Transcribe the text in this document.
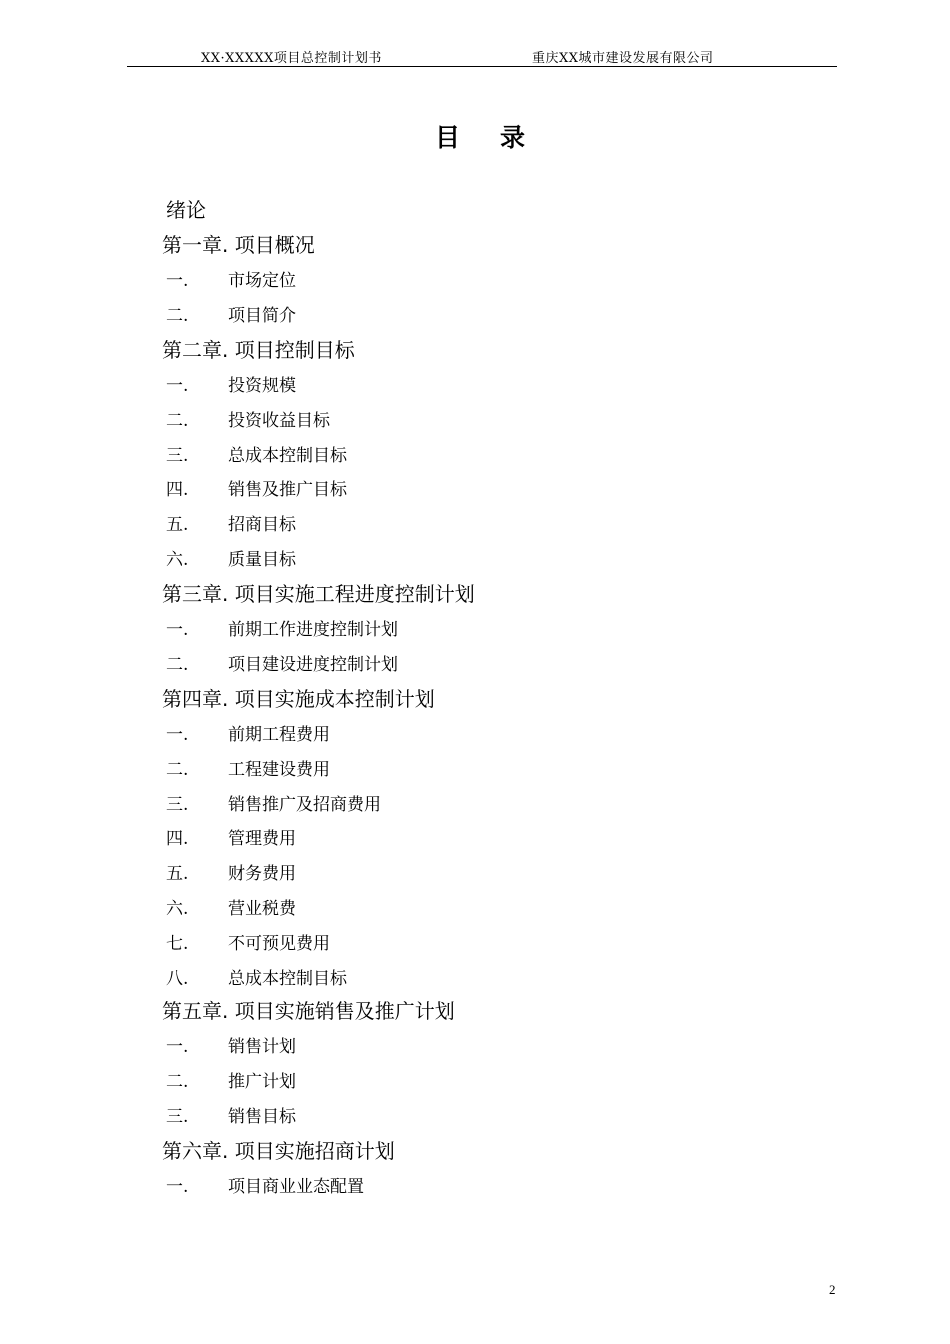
XX·XXXXX项目总控制计划书	重庆XX城市建设发展有限公司
目录
绪论
第一章. 项目概况
一. 市场定位
二. 项目简介
第二章. 项目控制目标
一. 投资规模
二. 投资收益目标
三. 总成本控制目标
四. 销售及推广目标
五. 招商目标
六. 质量目标
第三章. 项目实施工程进度控制计划
一. 前期工作进度控制计划
二. 项目建设进度控制计划
第四章. 项目实施成本控制计划
一. 前期工程费用
二. 工程建设费用
三. 销售推广及招商费用
四. 管理费用
五. 财务费用
六. 营业税费
七. 不可预见费用
八. 总成本控制目标
第五章. 项目实施销售及推广计划
一. 销售计划
二. 推广计划
三. 销售目标
第六章. 项目实施招商计划
一. 项目商业业态配置
2
